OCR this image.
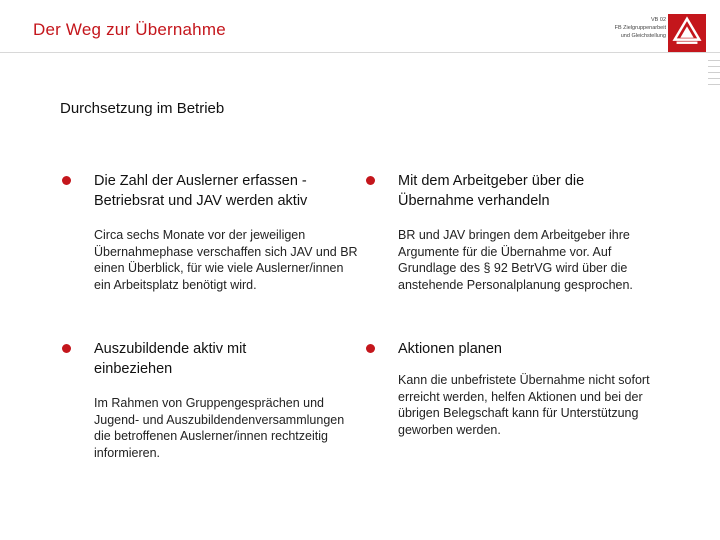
Der Weg zur Übernahme	VB 02
FB Zielgruppenarbeit
und Gleichstellung
Durchsetzung im Betrieb
Die Zahl der Auslerner erfassen - Betriebsrat und JAV werden aktiv
Circa sechs Monate vor der jeweiligen Übernahmephase verschaffen sich JAV und BR einen Überblick, für wie viele Auslerner/innen ein Arbeitsplatz benötigt wird.
Mit dem Arbeitgeber über die Übernahme verhandeln
BR und JAV bringen dem Arbeitgeber ihre Argumente für die Übernahme vor. Auf Grundlage des § 92 BetrVG wird über die anstehende Personalplanung gesprochen.
Auszubildende aktiv mit einbeziehen
Im Rahmen von Gruppengesprächen und Jugend- und Auszubildendenversammlungen die betroffenen Auslerner/innen rechtzeitig informieren.
Aktionen planen
Kann die unbefristete Übernahme nicht sofort erreicht werden, helfen Aktionen und bei der übrigen Belegschaft kann für Unterstützung geworben werden.
